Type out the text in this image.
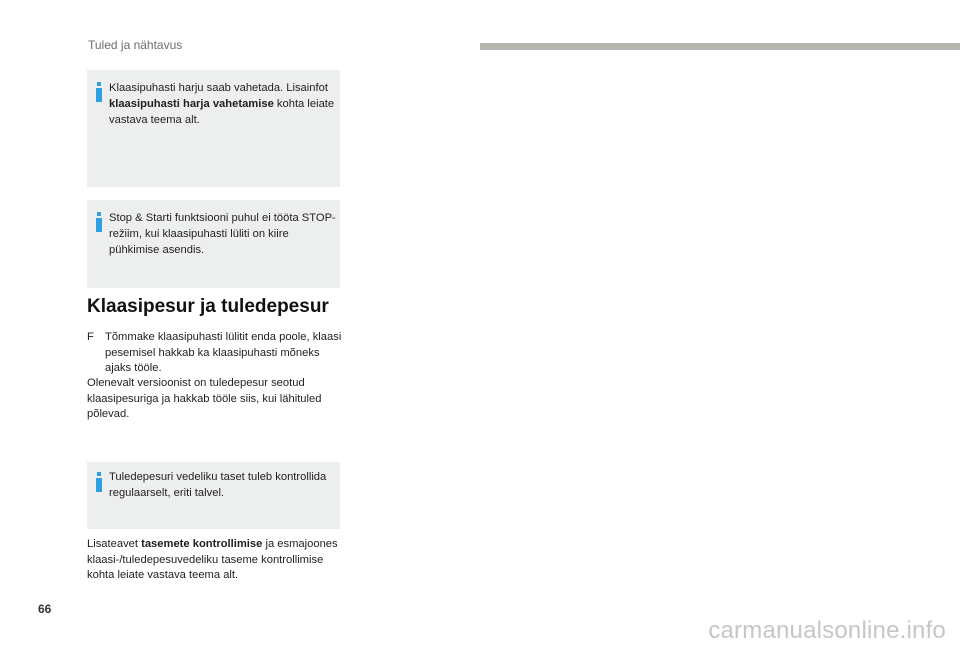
Tuled ja nähtavus
Klaasipuhasti harju saab vahetada. Lisainfot klaasipuhasti harja vahetamise kohta leiate vastava teema alt.
Stop & Starti funktsiooni puhul ei tööta STOP- režiim, kui klaasipuhasti lüliti on kiire pühkimise asendis.
Klaasipesur ja tuledepesur
F Tõmmake klaasipuhasti lülitit enda poole, klaasi pesemisel hakkab ka klaasipuhasti mõneks ajaks tööle.

Olenevalt versioonist on tuledepesur seotud klaasipesuriga ja hakkab tööle siis, kui lähituled põlevad.

Tuledepesuri vedeliku taset tuleb kontrollida regulaarselt, eriti talvel.

Lisateavet tasemete kontrollimise ja esmajoones klaasi-/tuledepesuvedeliku taseme kontrollimise kohta leiate vastava teema alt.

66
carmanualsonline.info
